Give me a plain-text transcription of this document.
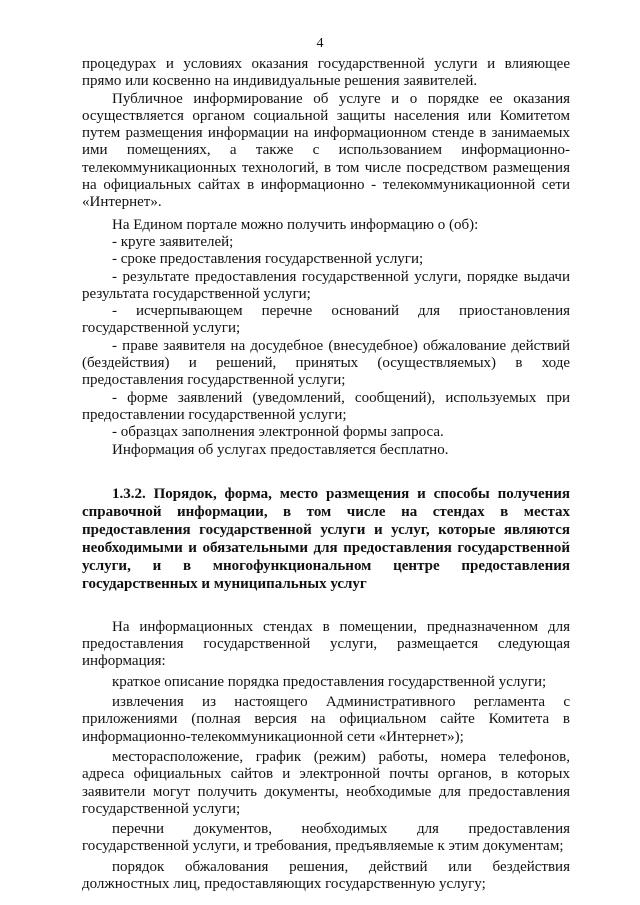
4

процедурах и условиях оказания государственной услуги и влияющее прямо или косвенно на индивидуальные решения заявителей.

Публичное информирование об услуге и о порядке ее оказания осуществляется органом социальной защиты населения или Комитетом путем размещения информации на информационном стенде в занимаемых ими помещениях, а также с использованием информационно-телекоммуникационных технологий, в том числе посредством размещения на официальных сайтах в информационно - телекоммуникационной сети «Интернет».

На Едином портале можно получить информацию о (об):

- круге заявителей;

- сроке предоставления государственной услуги;

- результате предоставления государственной услуги, порядке выдачи результата государственной услуги;

- исчерпывающем перечне оснований для приостановления государственной услуги;

- праве заявителя на досудебное (внесудебное) обжалование действий (бездействия) и решений, принятых (осуществляемых) в ходе предоставления государственной услуги;

- форме заявлений (уведомлений, сообщений), используемых при предоставлении государственной услуги;

- образцах заполнения электронной формы запроса.

Информация об услугах предоставляется бесплатно.

1.3.2. Порядок, форма, место размещения и способы получения справочной информации, в том числе на стендах в местах предоставления государственной услуги и услуг, которые являются необходимыми и обязательными для предоставления государственной услуги, и в многофункциональном центре предоставления государственных и муниципальных услуг

На информационных стендах в помещении, предназначенном для предоставления государственной услуги, размещается следующая информация:

краткое описание порядка предоставления государственной услуги;

извлечения из настоящего Административного регламента с приложениями (полная версия на официальном сайте Комитета в информационно-телекоммуникационной сети «Интернет»);

месторасположение, график (режим) работы, номера телефонов, адреса официальных сайтов и электронной почты органов, в которых заявители могут получить документы, необходимые для предоставления государственной услуги;

перечни документов, необходимых для предоставления государственной услуги, и требования, предъявляемые к этим документам;

порядок обжалования решения, действий или бездействия должностных лиц, предоставляющих государственную услугу;
